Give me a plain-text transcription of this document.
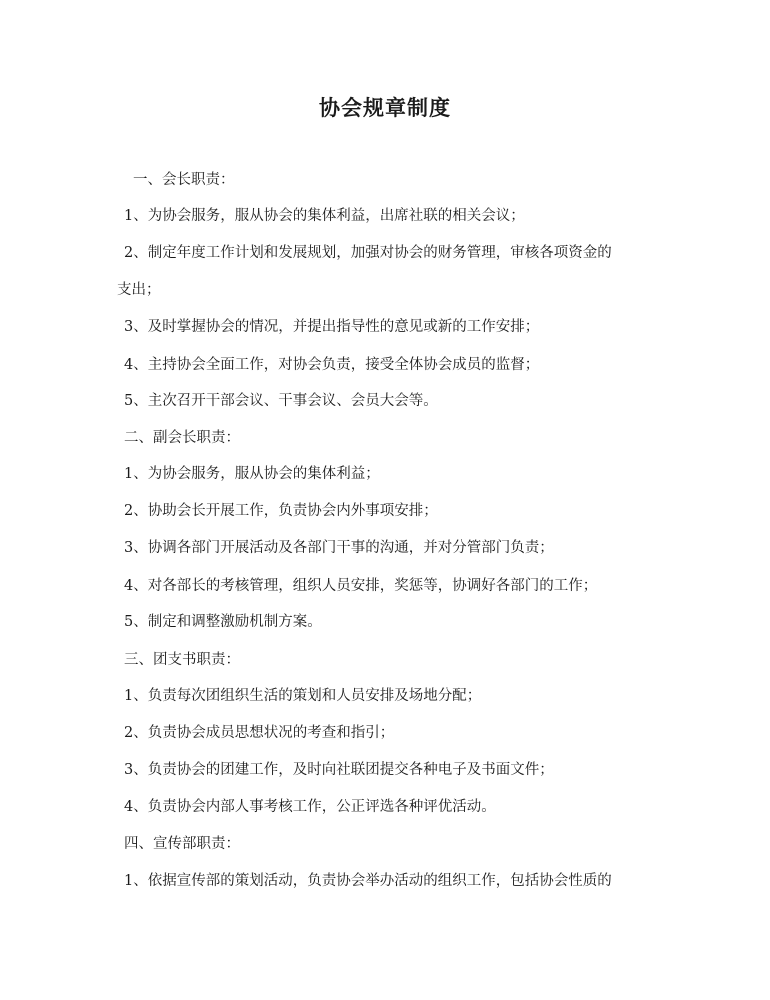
协会规章制度

一、会长职责：

1、为协会服务，服从协会的集体利益，出席社联的相关会议；

2、制定年度工作计划和发展规划，加强对协会的财务管理，审核各项资金的

支出；

3、及时掌握协会的情况，并提出指导性的意见或新的工作安排；

4、主持协会全面工作，对协会负责，接受全体协会成员的监督；

5、主次召开干部会议、干事会议、会员大会等。

二、副会长职责：

1、为协会服务，服从协会的集体利益；

2、协助会长开展工作，负责协会内外事项安排；

3、协调各部门开展活动及各部门干事的沟通，并对分管部门负责；

4、对各部长的考核管理，组织人员安排，奖惩等，协调好各部门的工作；

5、制定和调整激励机制方案。

三、团支书职责：

1、负责每次团组织生活的策划和人员安排及场地分配；

2、负责协会成员思想状况的考查和指引；

3、负责协会的团建工作，及时向社联团提交各种电子及书面文件；

4、负责协会内部人事考核工作，公正评选各种评优活动。

四、宣传部职责：

1、依据宣传部的策划活动，负责协会举办活动的组织工作，包括协会性质的
